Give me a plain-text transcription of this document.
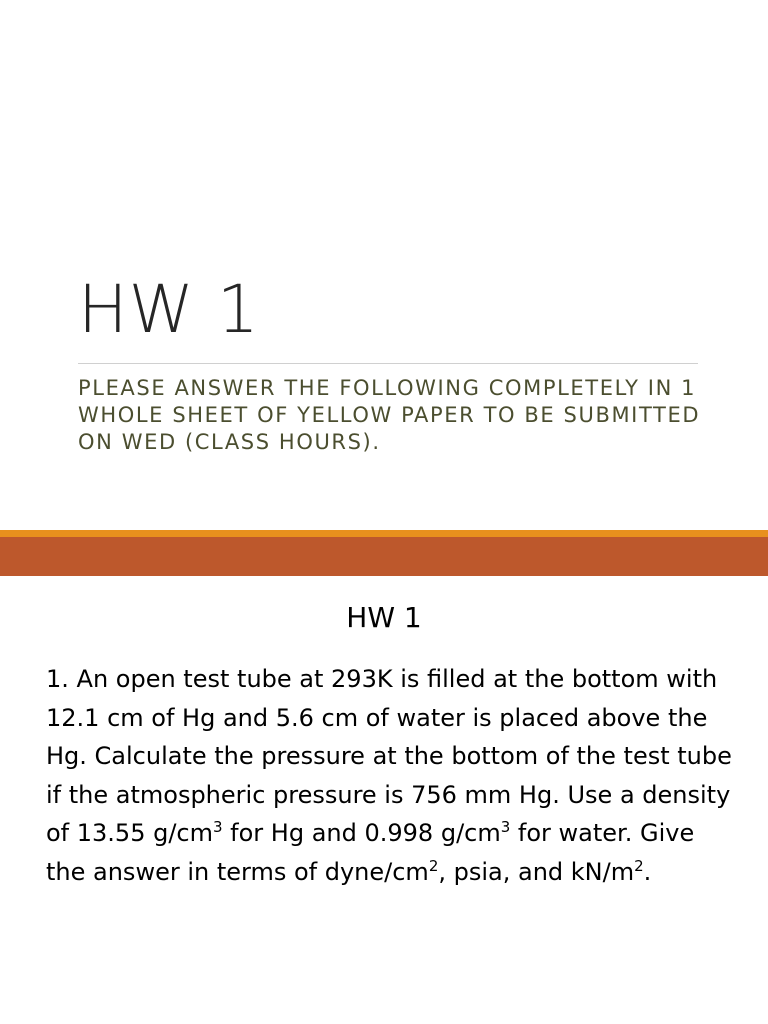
HW 1
PLEASE ANSWER THE FOLLOWING COMPLETELY IN 1 WHOLE SHEET OF YELLOW PAPER TO BE SUBMITTED ON WED (CLASS HOURS).
HW 1
1. An open test tube at 293K is filled at the bottom with 12.1 cm of Hg and 5.6 cm of water is placed above the Hg. Calculate the pressure at the bottom of the test tube if the atmospheric pressure is 756 mm Hg. Use a density of 13.55 $g/cm^3$ for Hg and 0.998 $g/cm^3$ for water. Give the answer in terms of dyne/$cm^2$, psia, and $kN/m^2$.
